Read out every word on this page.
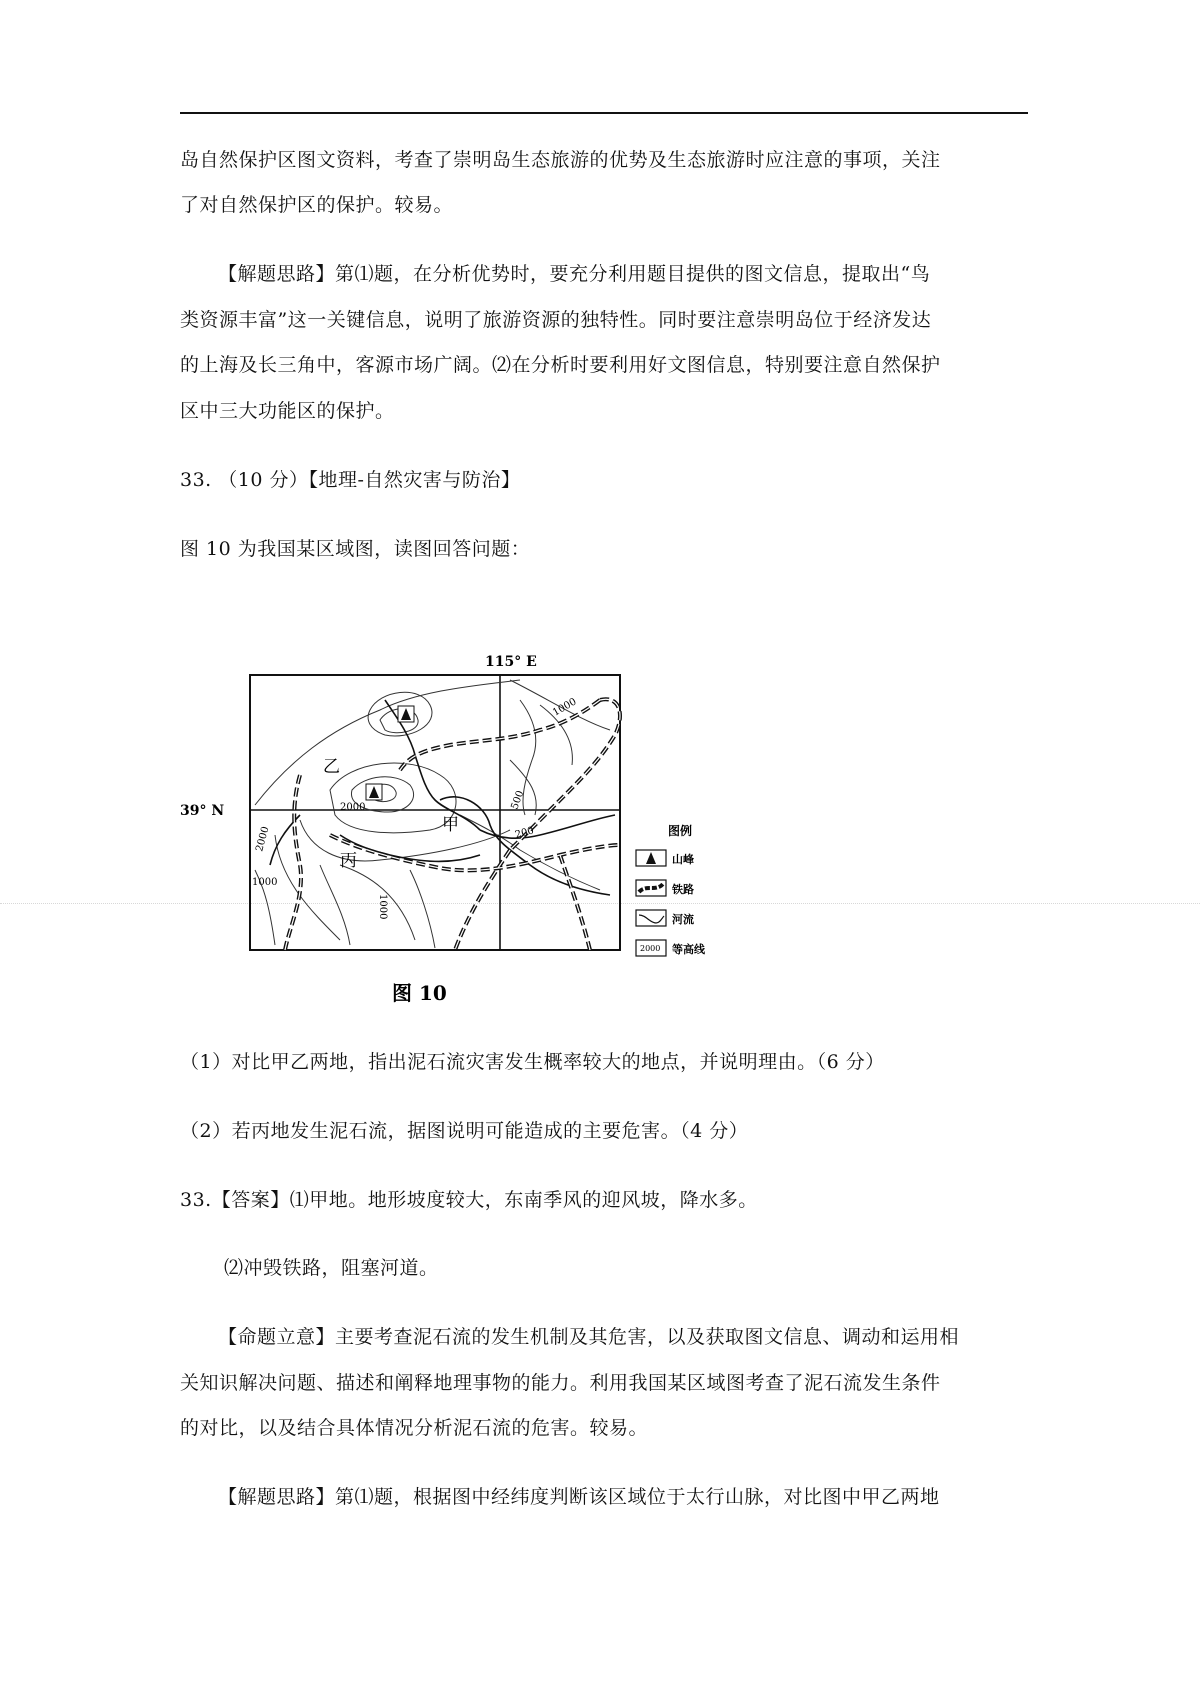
岛自然保护区图文资料，考查了崇明岛生态旅游的优势及生态旅游时应注意的事项，关注
了对自然保护区的保护。较易。
【解题思路】第⑴题，在分析优势时，要充分利用题目提供的图文信息，提取出“鸟
类资源丰富”这一关键信息，说明了旅游资源的独特性。同时要注意崇明岛位于经济发达
的上海及长三角中，客源市场广阔。⑵在分析时要利用好文图信息，特别要注意自然保护
区中三大功能区的保护。
33. （10 分）【地理-自然灾害与防治】
图 10 为我国某区域图，读图回答问题：
115° E
39° N
乙
甲
丙
1000
2000	500
200
2000
1000
1000
图例
山峰
铁路
河流
2000 等高线
图 10
（1）对比甲乙两地，指出泥石流灾害发生概率较大的地点，并说明理由。（6 分）
（2）若丙地发生泥石流，据图说明可能造成的主要危害。（4 分）
33.【答案】⑴甲地。地形坡度较大，东南季风的迎风坡，降水多。
⑵冲毁铁路，阻塞河道。
【命题立意】主要考查泥石流的发生机制及其危害，以及获取图文信息、调动和运用相
关知识解决问题、描述和阐释地理事物的能力。利用我国某区域图考查了泥石流发生条件
的对比，以及结合具体情况分析泥石流的危害。较易。
【解题思路】第⑴题，根据图中经纬度判断该区域位于太行山脉，对比图中甲乙两地
